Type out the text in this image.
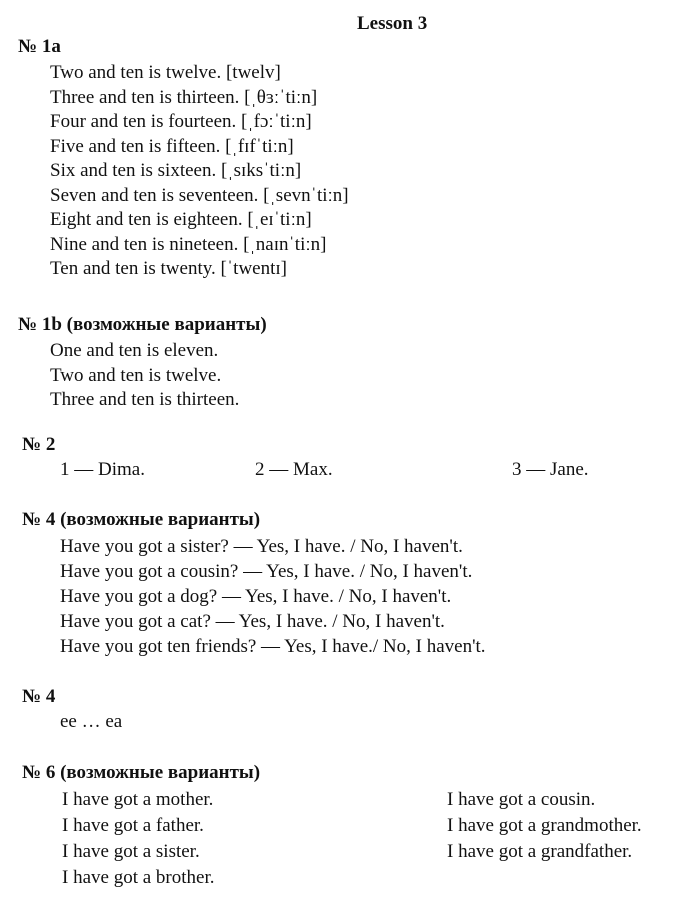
Lesson 3
№ 1a
Two and ten is twelve. [twelv]
Three and ten is thirteen. [ˌθɜːˈtiːn]
Four and ten is fourteen. [ˌfɔːˈtiːn]
Five and ten is fifteen. [ˌfɪfˈtiːn]
Six and ten is sixteen. [ˌsɪksˈtiːn]
Seven and ten is seventeen. [ˌsevnˈtiːn]
Eight and ten is eighteen. [ˌeɪˈtiːn]
Nine and ten is nineteen. [ˌnaɪnˈtiːn]
Ten and ten is twenty. [ˈtwentɪ]
№ 1b (возможные варианты)
One and ten is eleven.
Two and ten is twelve.
Three and ten is thirteen.
№ 2
1 — Dima.	2 — Max.	3 — Jane.
№ 4 (возможные варианты)
Have you got a sister? — Yes, I have. / No, I haven't.
Have you got a cousin? — Yes, I have. / No, I haven't.
Have you got a dog? — Yes, I have. / No, I haven't.
Have you got a cat? — Yes, I have. / No, I haven't.
Have you got ten friends? — Yes, I have./ No, I haven't.
№ 4
ee … ea
№ 6 (возможные варианты)
I have got a mother.
I have got a father.
I have got a sister.
I have got a brother.
I have got a cousin.
I have got a grandmother.
I have got a grandfather.
